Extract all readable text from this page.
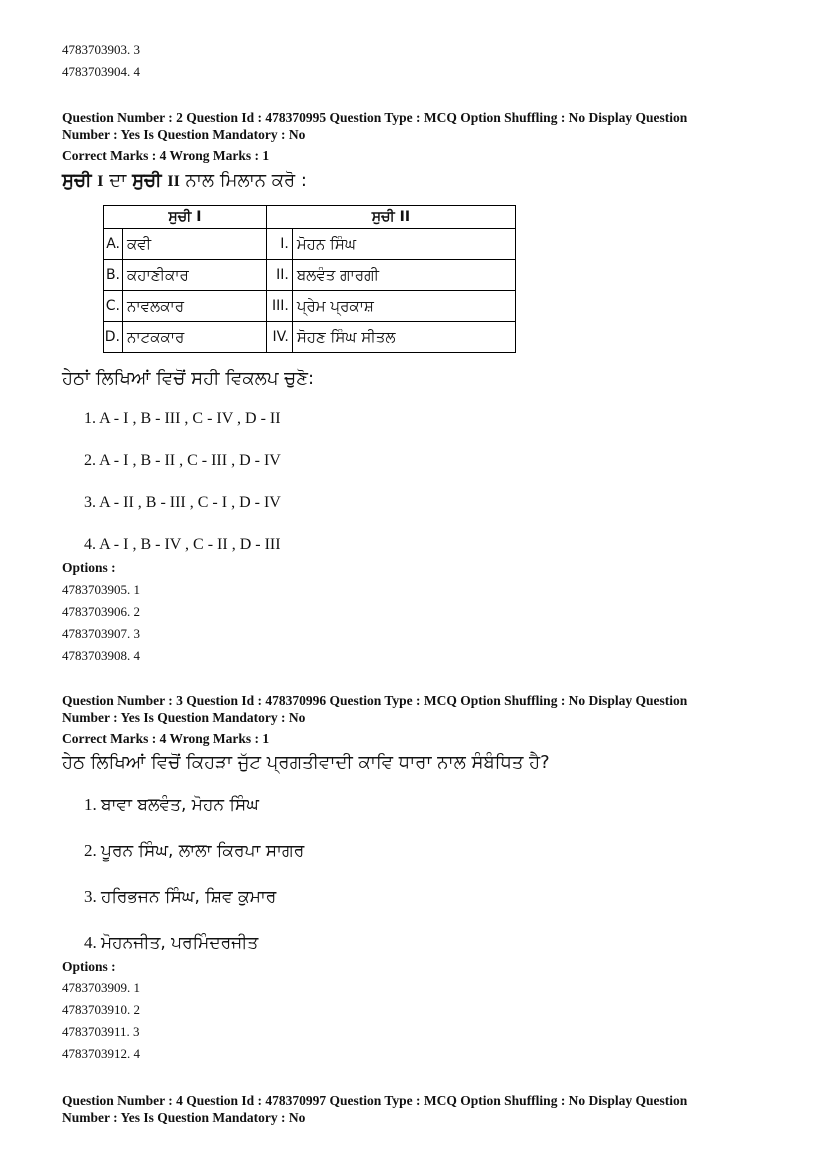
4783703903. 3
4783703904. 4
Question Number : 2 Question Id : 478370995 Question Type : MCQ Option Shuffling : No Display Question
Number : Yes Is Question Mandatory : No
Correct Marks : 4 Wrong Marks : 1
ਸੁਚੀ I ਦਾ ਸੁਚੀ II ਨਾਲ ਮਿਲਾਨ ਕਰੋ :
ਸੁਚੀ I		ਸੁਚੀ II	
A.	ਕਵੀ	I.	ਮੋਹਨ ਸਿੰਘ
B.	ਕਹਾਣੀਕਾਰ	II.	ਬਲਵੰਤ ਗਾਰਗੀ
C.	ਨਾਵਲਕਾਰ	III.	ਪ੍ਰੇਮ ਪ੍ਰਕਾਸ਼
D.	ਨਾਟਕਕਾਰ	IV.	ਸੋਹਣ ਸਿੰਘ ਸੀਤਲ
ਹੇਠਾਂ ਲਿਖਿਆਂ ਵਿਚੋਂ ਸਹੀ ਵਿਕਲਪ ਚੁਣੋ:
1. A - I , B - III , C - IV , D - II
2. A - I , B - II , C - III , D - IV
3. A - II , B - III , C - I , D - IV
4. A - I , B - IV , C - II , D - III
Options :
4783703905. 1
4783703906. 2
4783703907. 3
4783703908. 4
Question Number : 3 Question Id : 478370996 Question Type : MCQ Option Shuffling : No Display Question
Number : Yes Is Question Mandatory : No
Correct Marks : 4 Wrong Marks : 1
ਹੇਠ ਲਿਖਿਆਂ ਵਿਚੋਂ ਕਿਹੜਾ ਜੁੱਟ ਪ੍ਰਗਤੀਵਾਦੀ ਕਾਵਿ ਧਾਰਾ ਨਾਲ ਸੰਬੰਧਿਤ ਹੈ?
1. ਬਾਵਾ ਬਲਵੰਤ, ਮੋਹਨ ਸਿੰਘ
2. ਪੂਰਨ ਸਿੰਘ, ਲਾਲਾ ਕਿਰਪਾ ਸਾਗਰ
3. ਹਰਿਭਜਨ ਸਿੰਘ, ਸ਼ਿਵ ਕੁਮਾਰ
4. ਮੋਹਨਜੀਤ, ਪਰਮਿੰਦਰਜੀਤ
Options :
4783703909. 1
4783703910. 2
4783703911. 3
4783703912. 4
Question Number : 4 Question Id : 478370997 Question Type : MCQ Option Shuffling : No Display Question
Number : Yes Is Question Mandatory : No
